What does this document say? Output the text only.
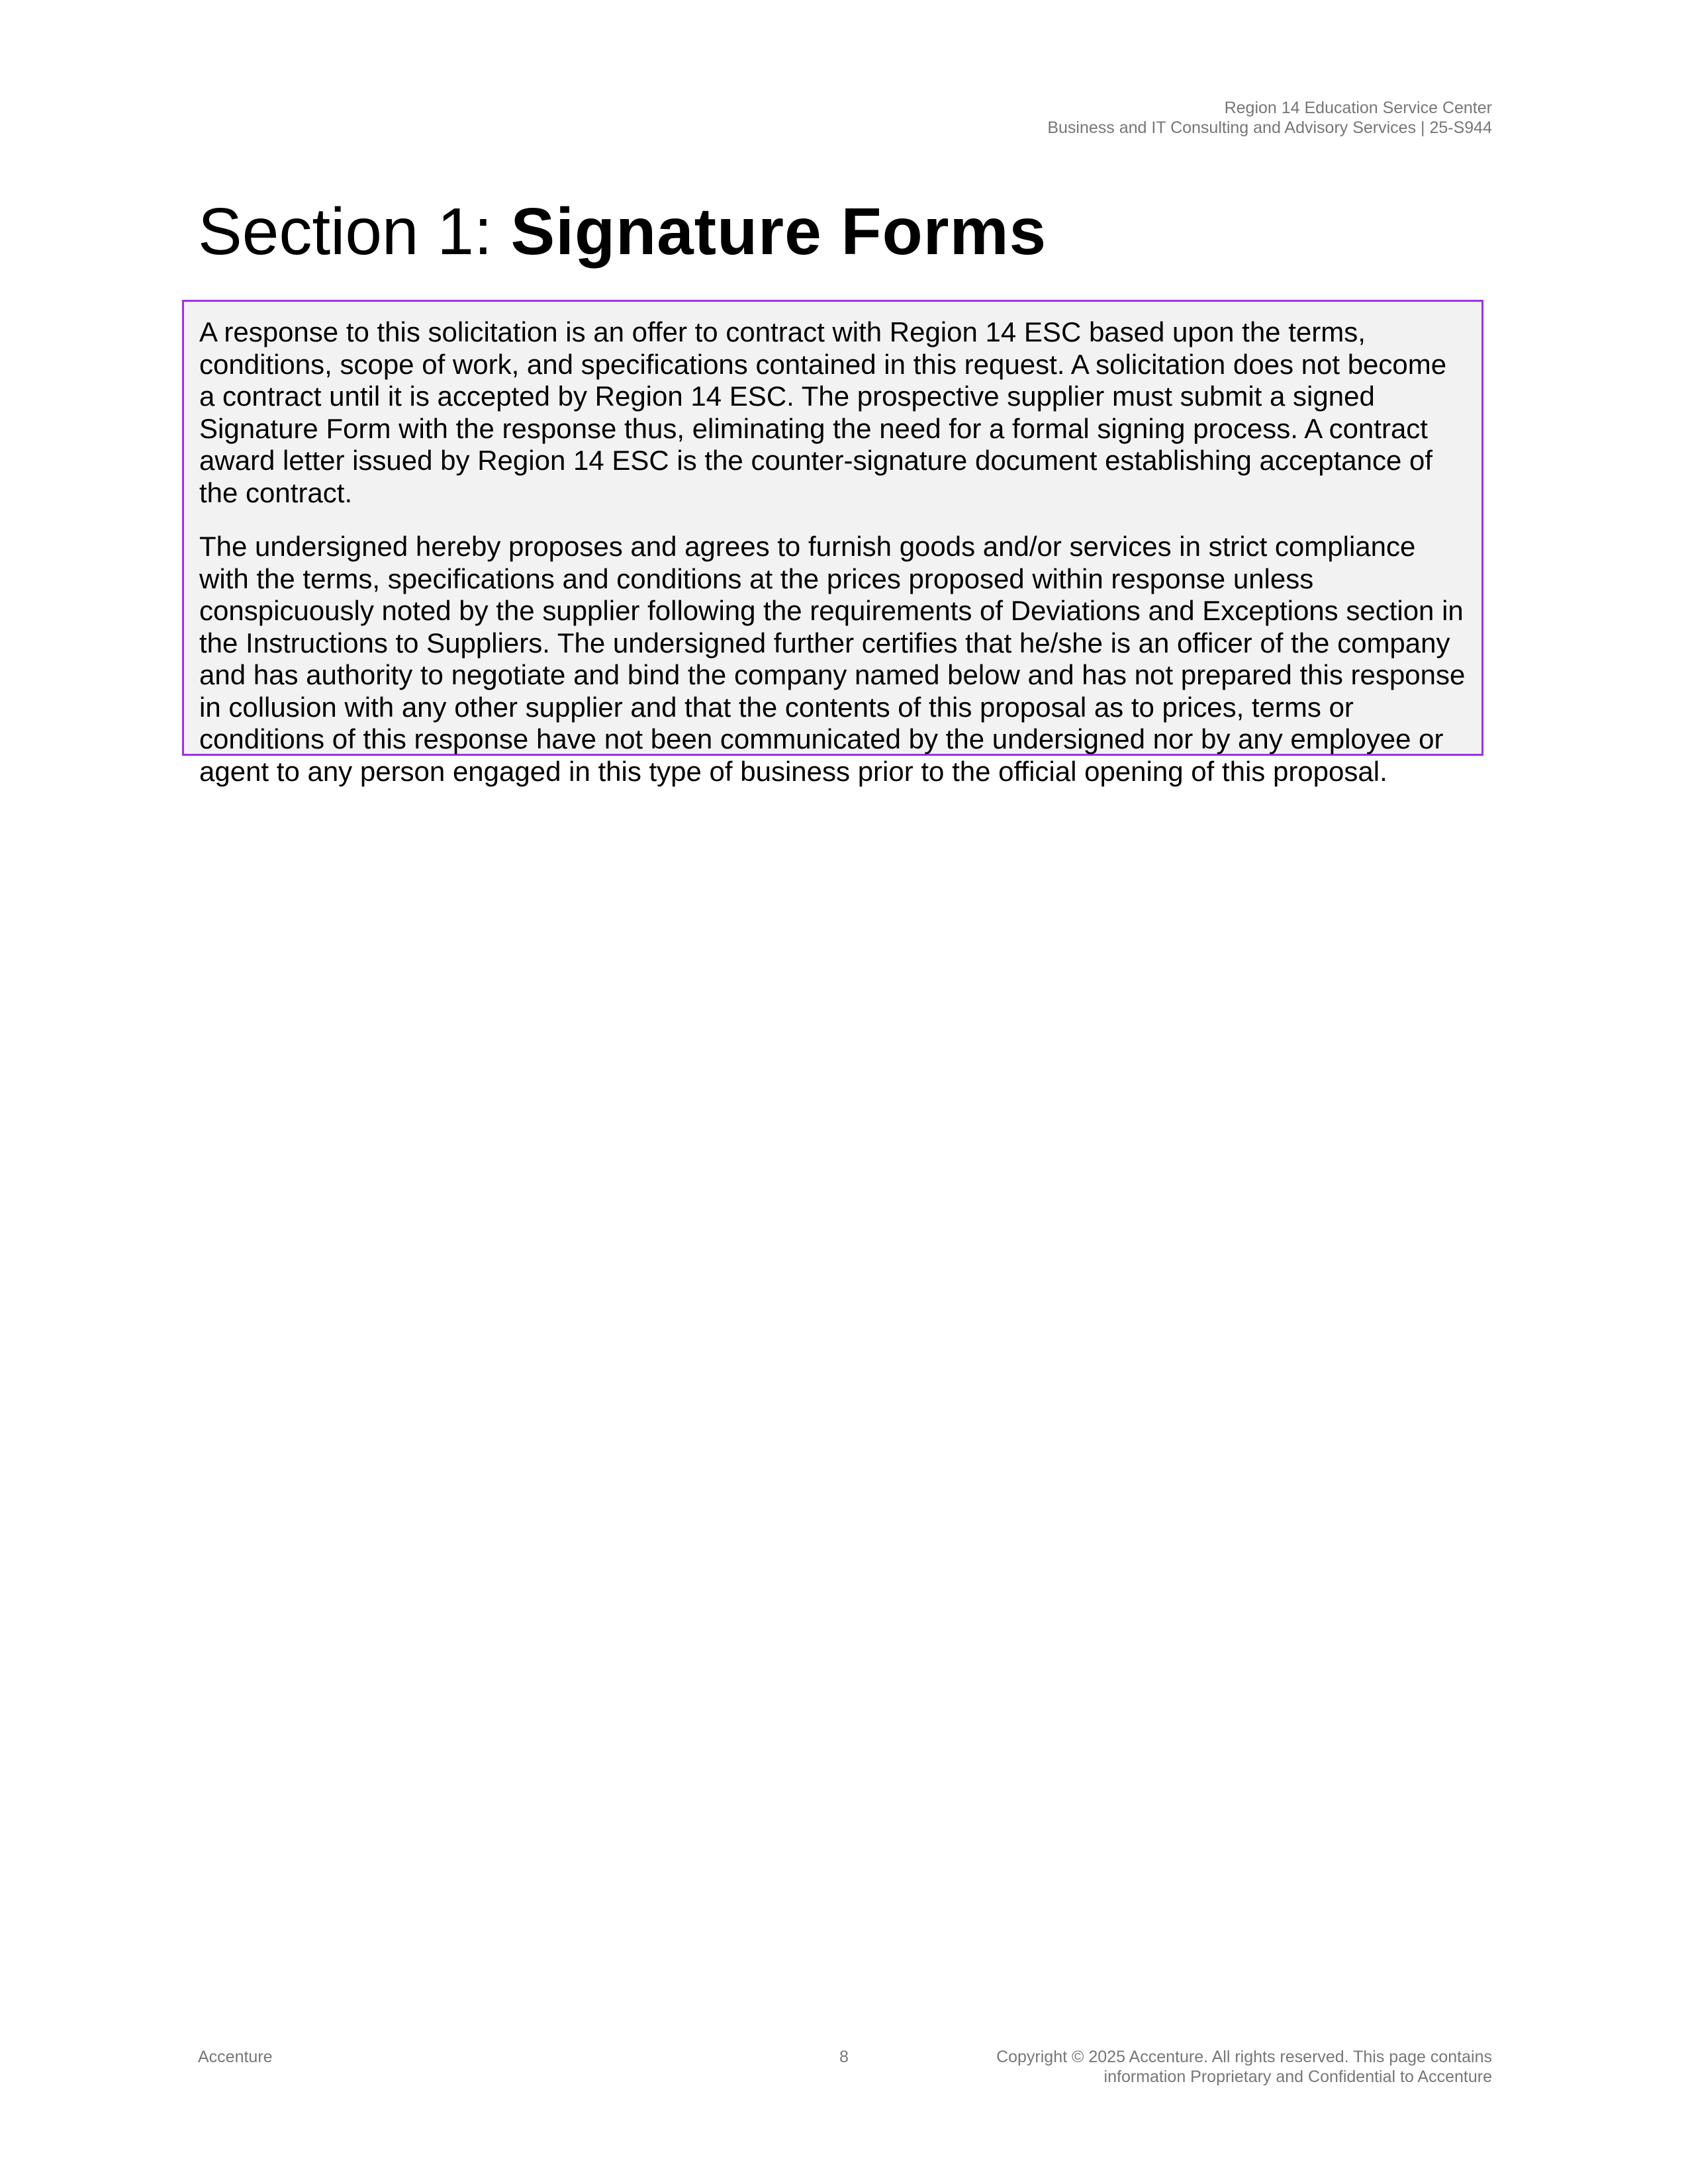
Region 14 Education Service Center
Business and IT Consulting and Advisory Services | 25-S944
Section 1: Signature Forms

A response to this solicitation is an offer to contract with Region 14 ESC based upon the terms, conditions, scope of work, and specifications contained in this request. A solicitation does not become a contract until it is accepted by Region 14 ESC. The prospective supplier must submit a signed Signature Form with the response thus, eliminating the need for a formal signing process. A contract award letter issued by Region 14 ESC is the counter-signature document establishing acceptance of the contract.

The undersigned hereby proposes and agrees to furnish goods and/or services in strict compliance with the terms, specifications and conditions at the prices proposed within response unless conspicuously noted by the supplier following the requirements of Deviations and Exceptions section in the Instructions to Suppliers. The undersigned further certifies that he/she is an officer of the company and has authority to negotiate and bind the company named below and has not prepared this response in collusion with any other supplier and that the contents of this proposal as to prices, terms or conditions of this response have not been communicated by the undersigned nor by any employee or agent to any person engaged in this type of business prior to the official opening of this proposal.

Accenture	8	Copyright © 2025 Accenture. All rights reserved. This page contains
information Proprietary and Confidential to Accenture
